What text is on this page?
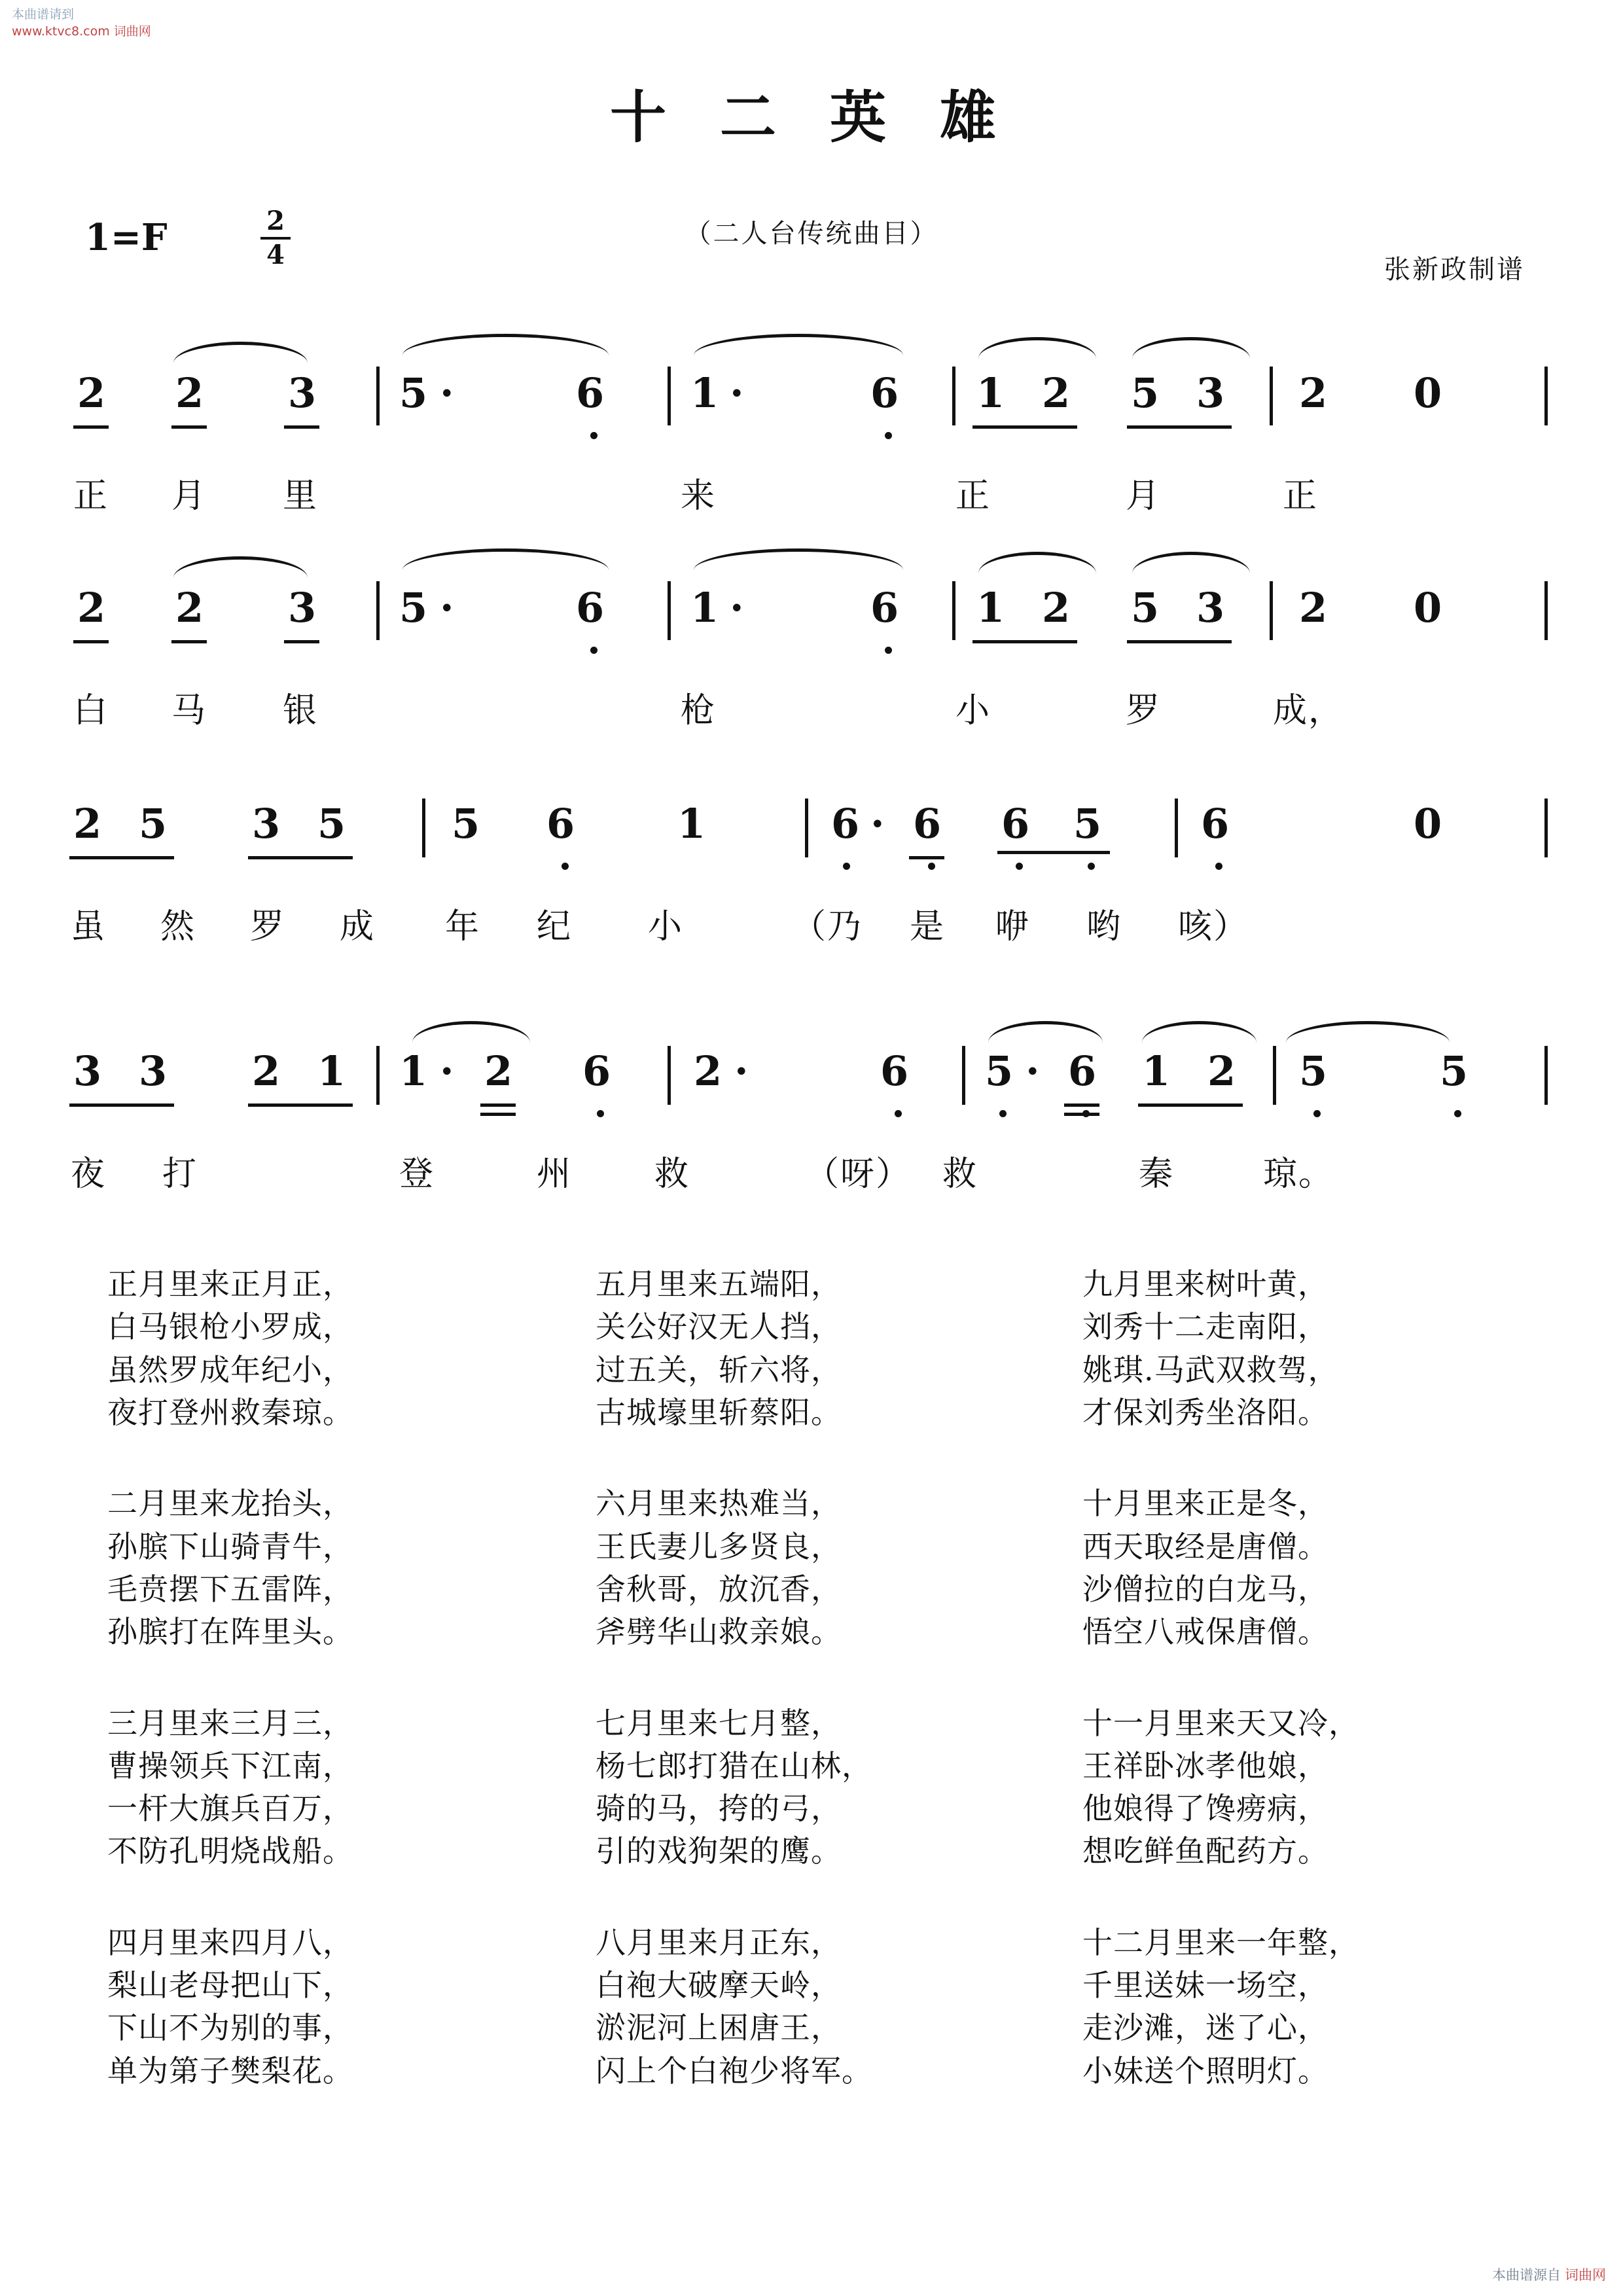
本曲谱请到
www.ktvc8.com 词曲网
本曲谱源自 词曲网
十 二 英 雄
（二人台传统曲目）
1=F	2
4	张新政制谱
2 2 3 5 ·	6 1 ·	6 1 2 5 3 2 0
正 月 里	来	正	月	正
2 2 3 5 ·	6 1 ·	6 1 2 5 3 2 0
白 马 银	枪	小	罗	成，
2 5 3 5	5 6	1	6 · 6 6 5 6	0
虽 然 罗 成 年 纪 小	（乃 是 咿 哟 咳）
3 3 2 1 1 · 2 6 2 ·	6 5 · 6 1 2 5	5
夜 打	登	州 救	（呀） 救	秦	琼。
正月里来正月正，
白马银枪小罗成，
虽然罗成年纪小，
夜打登州救秦琼。
二月里来龙抬头，
孙膑下山骑青牛，
毛贲摆下五雷阵，
孙膑打在阵里头。
三月里来三月三，
曹操领兵下江南，
一杆大旗兵百万，
不防孔明烧战船。
四月里来四月八，
梨山老母把山下，
下山不为别的事，
单为第子樊梨花。
五月里来五端阳，
关公好汉无人挡，
过五关，斩六将，
古城壕里斩蔡阳。
六月里来热难当，
王氏妻儿多贤良，
舍秋哥，放沉香，
斧劈华山救亲娘。
七月里来七月整，
杨七郎打猎在山林，
骑的马，挎的弓，
引的戏狗架的鹰。
八月里来月正东，
白袍大破摩天岭，
淤泥河上困唐王，
闪上个白袍少将军。
九月里来树叶黄，
刘秀十二走南阳，
姚琪.马武双救驾，
才保刘秀坐洛阳。
十月里来正是冬，
西天取经是唐僧。
沙僧拉的白龙马，
悟空八戒保唐僧。
十一月里来天又冷，
王祥卧冰孝他娘，
他娘得了馋痨病，
想吃鲜鱼配药方。
十二月里来一年整，
千里送妹一场空，
走沙滩，迷了心，
小妹送个照明灯。
